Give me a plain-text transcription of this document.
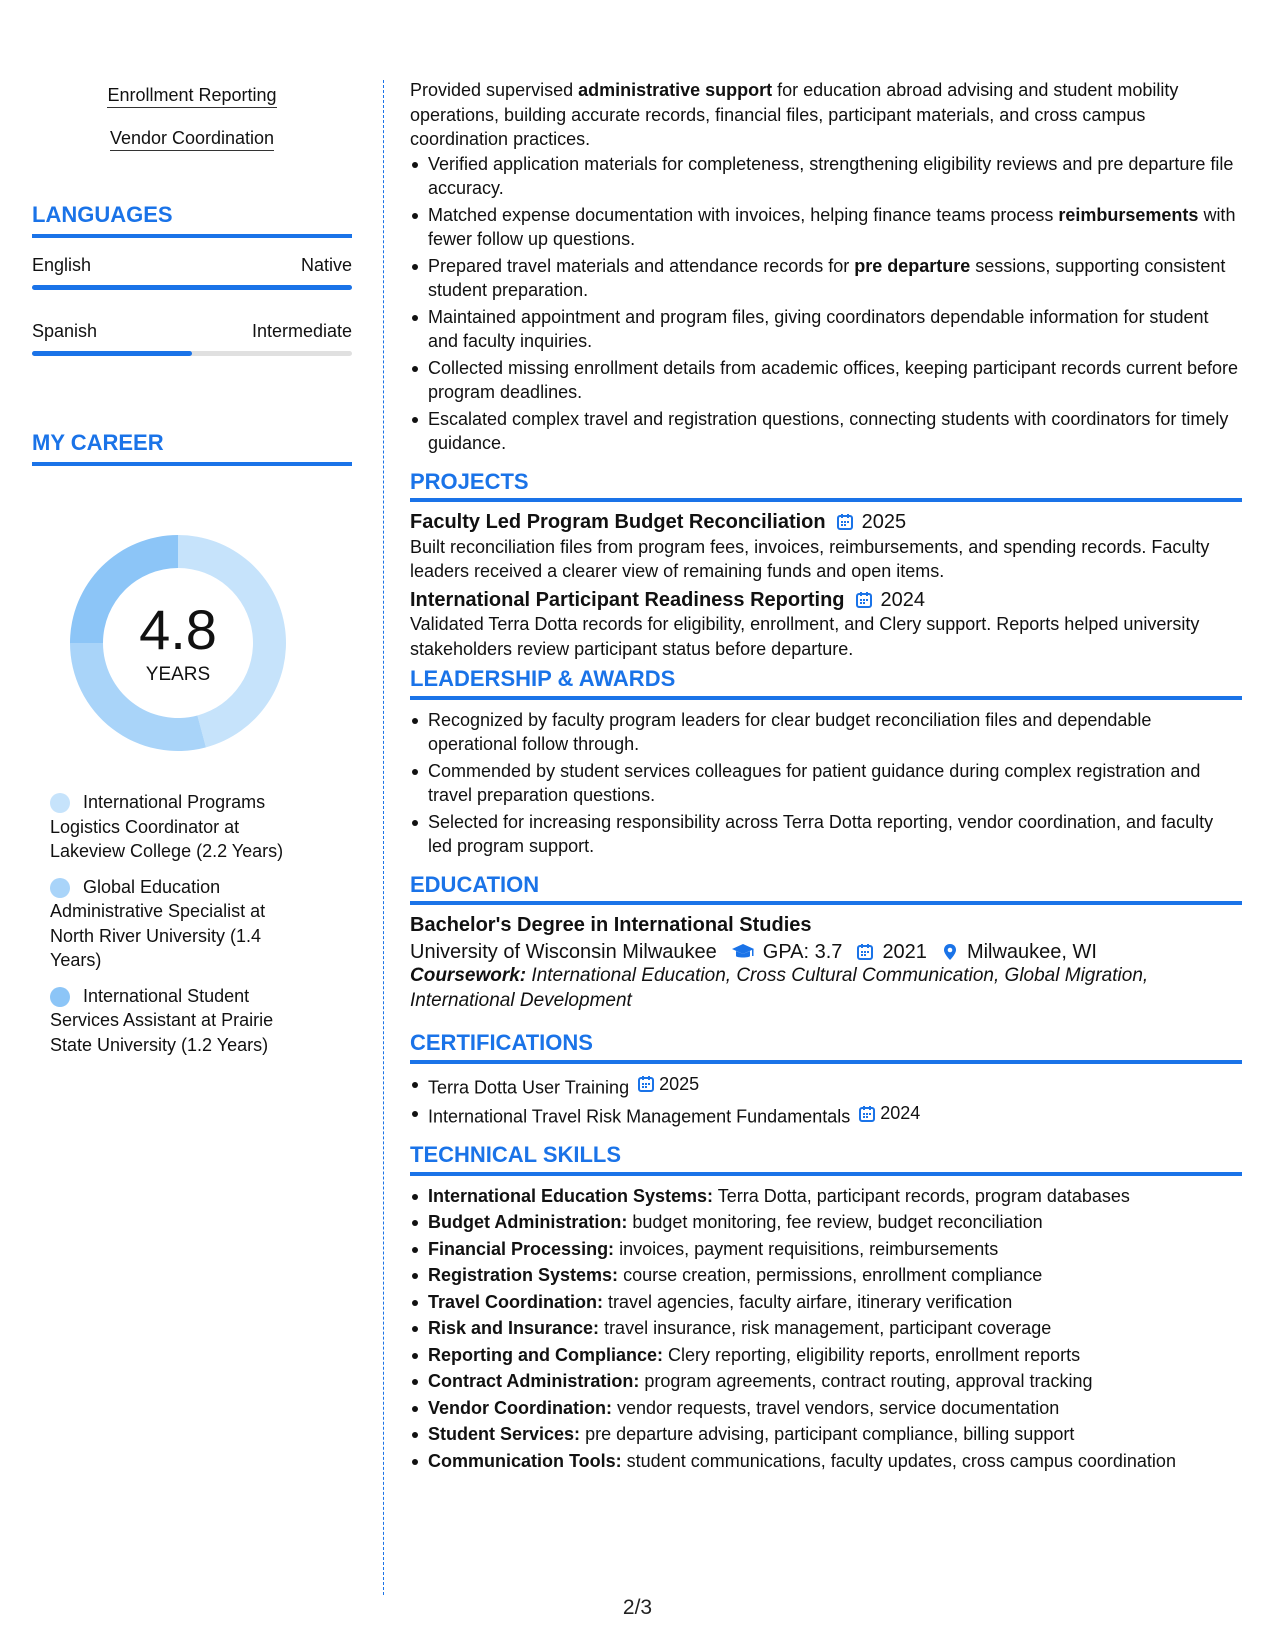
Enrollment Reporting
Vendor Coordination
LANGUAGES
English	Native
Spanish	Intermediate
MY CAREER
4.8
YEARS
International Programs Logistics Coordinator at Lakeview College (2.2 Years)
Global Education Administrative Specialist at North River University (1.4 Years)
International Student Services Assistant at Prairie State University (1.2 Years)

Provided supervised administrative support for education abroad advising and student mobility operations, building accurate records, financial files, participant materials, and cross campus coordination practices.

Verified application materials for completeness, strengthening eligibility reviews and pre departure file accuracy.
Matched expense documentation with invoices, helping finance teams process reimbursements with fewer follow up questions.
Prepared travel materials and attendance records for pre departure sessions, supporting consistent student preparation.
Maintained appointment and program files, giving coordinators dependable information for student and faculty inquiries.
Collected missing enrollment details from academic offices, keeping participant records current before program deadlines.
Escalated complex travel and registration questions, connecting students with coordinators for timely guidance.
PROJECTS
Faculty Led Program Budget Reconciliation 2025

Built reconciliation files from program fees, invoices, reimbursements, and spending records. Faculty leaders received a clearer view of remaining funds and open items.

International Participant Readiness Reporting 2024

Validated Terra Dotta records for eligibility, enrollment, and Clery support. Reports helped university stakeholders review participant status before departure.

LEADERSHIP & AWARDS
Recognized by faculty program leaders for clear budget reconciliation files and dependable operational follow through.
Commended by student services colleagues for patient guidance during complex registration and travel preparation questions.
Selected for increasing responsibility across Terra Dotta reporting, vendor coordination, and faculty led program support.
EDUCATION
Bachelor's Degree in International Studies
University of Wisconsin Milwaukee GPA: 3.7 2021 Milwaukee, WI

Coursework: International Education, Cross Cultural Communication, Global Migration, International Development

CERTIFICATIONS
Terra Dotta User Training 2025
International Travel Risk Management Fundamentals 2024
TECHNICAL SKILLS
International Education Systems: Terra Dotta, participant records, program databases
Budget Administration: budget monitoring, fee review, budget reconciliation
Financial Processing: invoices, payment requisitions, reimbursements
Registration Systems: course creation, permissions, enrollment compliance
Travel Coordination: travel agencies, faculty airfare, itinerary verification
Risk and Insurance: travel insurance, risk management, participant coverage
Reporting and Compliance: Clery reporting, eligibility reports, enrollment reports
Contract Administration: program agreements, contract routing, approval tracking
Vendor Coordination: vendor requests, travel vendors, service documentation
Student Services: pre departure advising, participant compliance, billing support
Communication Tools: student communications, faculty updates, cross campus coordination
2/3
